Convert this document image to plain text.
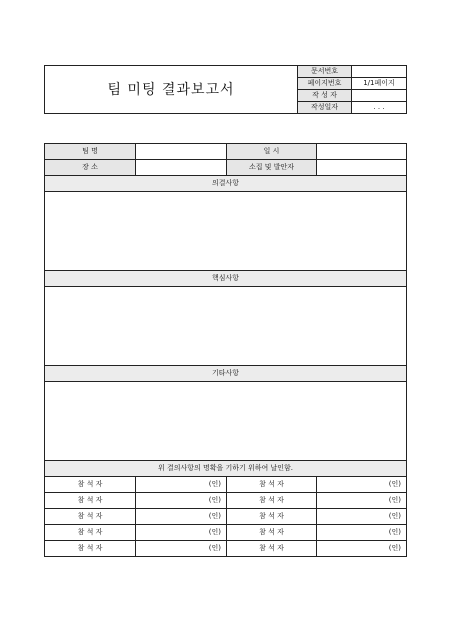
팀 미팅 결과보고서	문서번호	
	페이지번호	1/1페이지
	작 성 자	
	작성일자	. . .
팀 명		일 시	
장 소		소집 및 발안자	
의결사항			

핵심사항			

기타사항			

위 결의사항의 명확을 기하기 위하여 날인함.			
참 석 자	(인)	참 석 자	(인)
참 석 자	(인)	참 석 자	(인)
참 석 자	(인)	참 석 자	(인)
참 석 자	(인)	참 석 자	(인)
참 석 자	(인)	참 석 자	(인)
